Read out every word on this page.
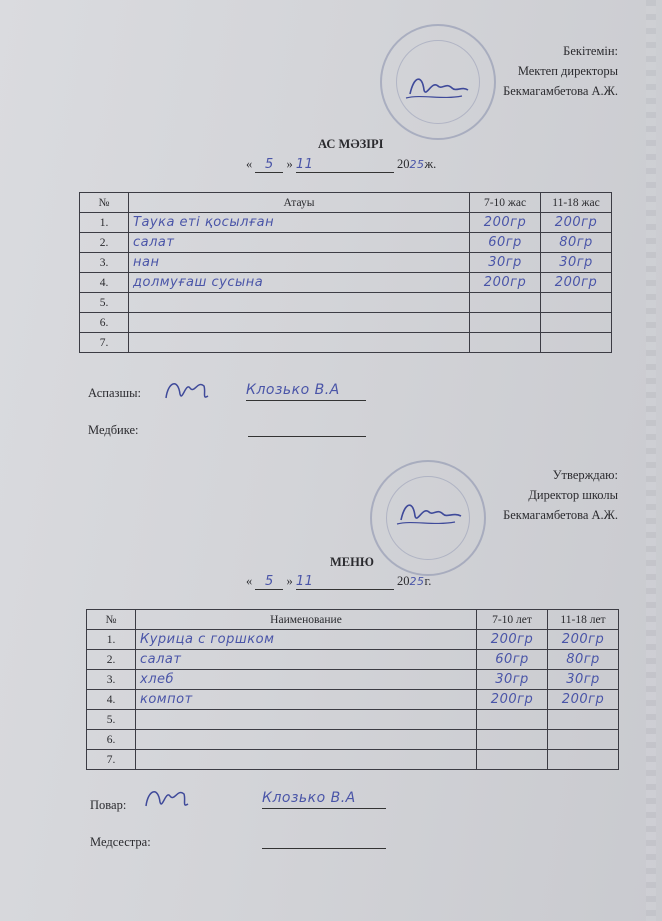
Бекітемін:
Мектеп директоры
Бекмагамбетова А.Ж.
АС МӘЗІРІ
« 5 » 11	2025ж.
№	Атауы	7-10 жас	11-18 жас
1.	Таука еті қосылған	200гр	200гр
2.	салат	60гр	80гр
3.	нан	30гр	30гр
4.	долмуғаш сусына	200гр	200гр
5.			
6.			
7.			
Аспазшы:	Клозько В.А
Медбике:
Утверждаю:
Директор школы
Бекмагамбетова А.Ж.
МЕНЮ
« 5 » 11	2025г.
№	Наименование	7-10 лет	11-18 лет
1.	Курица с горшком	200гр	200гр
2.	салат	60гр	80гр
3.	хлеб	30гр	30гр
4.	компот	200гр	200гр
5.			
6.			
7.			
Повар:	Клозько В.А
Медсестра:
